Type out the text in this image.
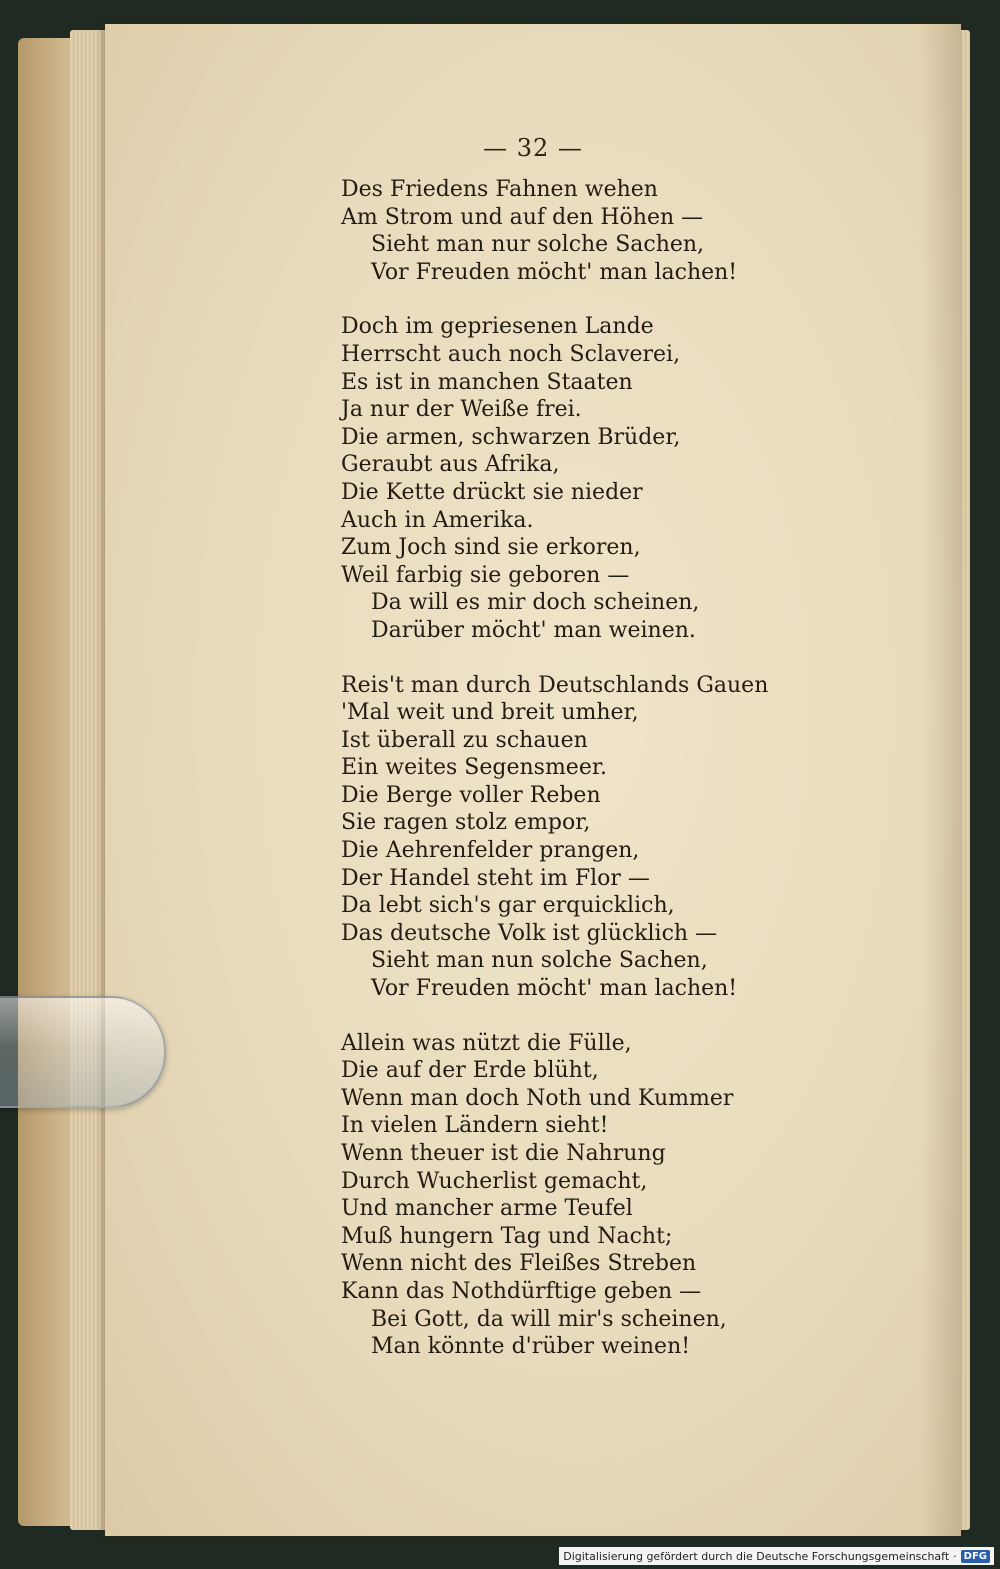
— 32 —
Des Friedens Fahnen wehen
Am Strom und auf den Höhen —
Sieht man nur solche Sachen,
Vor Freuden möcht' man lachen!
Doch im gepriesenen Lande
Herrscht auch noch Sclaverei,
Es ist in manchen Staaten
Ja nur der Weiße frei.
Die armen, schwarzen Brüder,
Geraubt aus Afrika,
Die Kette drückt sie nieder
Auch in Amerika.
Zum Joch sind sie erkoren,
Weil farbig sie geboren —
Da will es mir doch scheinen,
Darüber möcht' man weinen.
Reis't man durch Deutschlands Gauen
'Mal weit und breit umher,
Ist überall zu schauen
Ein weites Segensmeer.
Die Berge voller Reben
Sie ragen stolz empor,
Die Aehrenfelder prangen,
Der Handel steht im Flor —
Da lebt sich's gar erquicklich,
Das deutsche Volk ist glücklich —
Sieht man nun solche Sachen,
Vor Freuden möcht' man lachen!
Allein was nützt die Fülle,
Die auf der Erde blüht,
Wenn man doch Noth und Kummer
In vielen Ländern sieht!
Wenn theuer ist die Nahrung
Durch Wucherlist gemacht,
Und mancher arme Teufel
Muß hungern Tag und Nacht;
Wenn nicht des Fleißes Streben
Kann das Nothdürftige geben —
Bei Gott, da will mir's scheinen,
Man könnte d'rüber weinen!
Digitalisierung gefördert durch die Deutsche Forschungsgemeinschaft · DFG
